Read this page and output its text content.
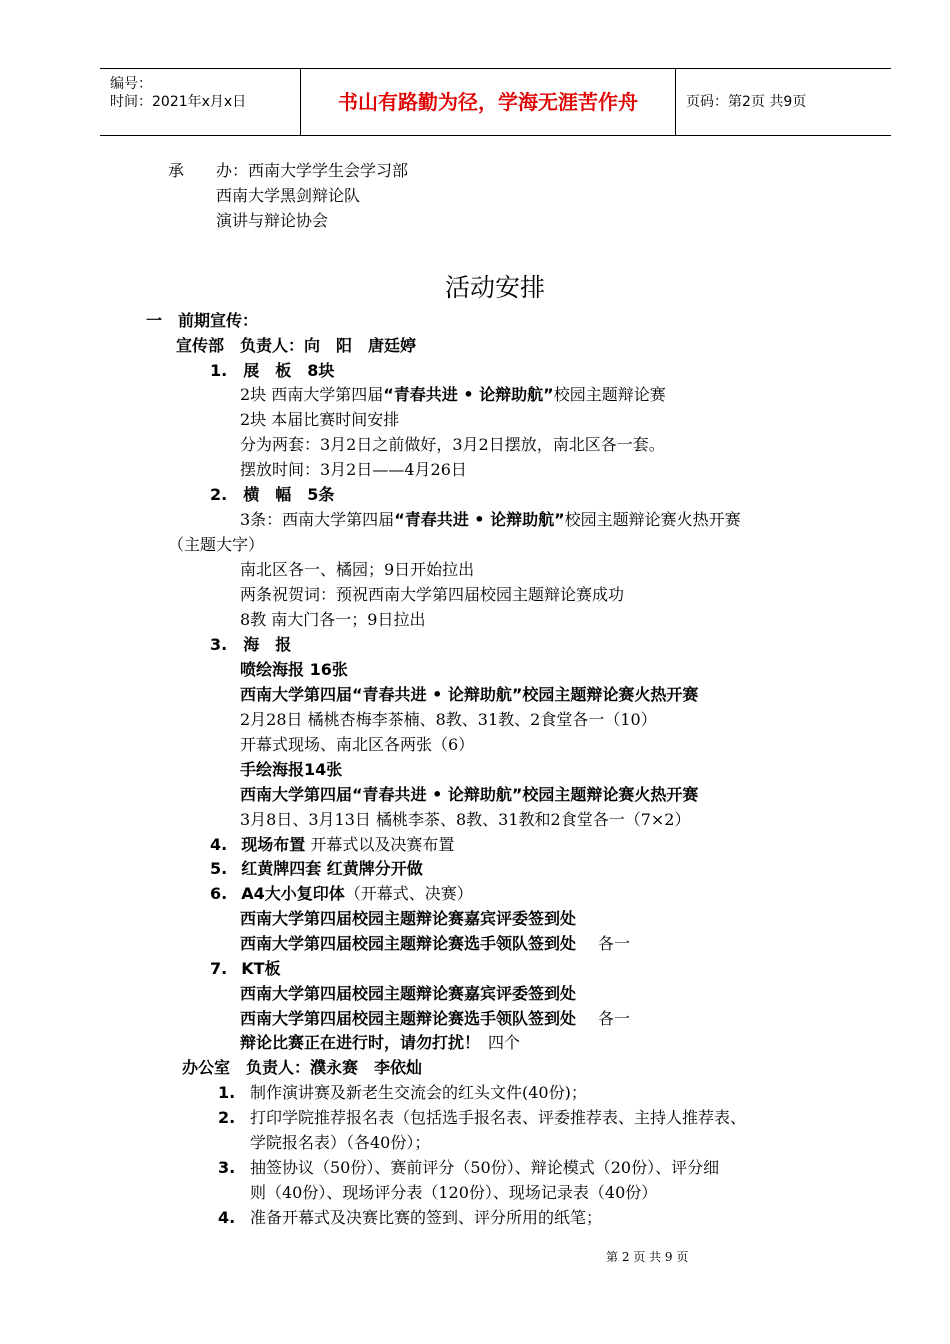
编号：
时间：2021年x月x日	书山有路勤为径，学海无涯苦作舟	页码：第2页 共9页
承　　办：西南大学学生会学习部
西南大学黑剑辩论队
演讲与辩论协会
活动安排
一　前期宣传：
宣传部　负责人：向　阳　唐廷婷
1.　展　板　8块
2块 西南大学第四届“青春共进 • 论辩助航”校园主题辩论赛
2块 本届比赛时间安排
分为两套：3月2日之前做好，3月2日摆放，南北区各一套。
摆放时间：3月2日——4月26日
2.　横　幅　5条
3条：西南大学第四届“青春共进 • 论辩助航”校园主题辩论赛火热开赛
（主题大字）
南北区各一、橘园；9日开始拉出
两条祝贺词：预祝西南大学第四届校园主题辩论赛成功
8教 南大门各一；9日拉出
3.　海　报
喷绘海报 16张
西南大学第四届“青春共进 • 论辩助航”校园主题辩论赛火热开赛
2月28日 橘桃杏梅李茶楠、8教、31教、2食堂各一（10）
开幕式现场、南北区各两张（6）
手绘海报14张
西南大学第四届“青春共进 • 论辩助航”校园主题辩论赛火热开赛
3月8日、3月13日 橘桃李茶、8教、31教和2食堂各一（7×2）
4. 现场布置 开幕式以及决赛布置
5. 红黄牌四套 红黄牌分开做
6. A4大小复印体（开幕式、决赛）
西南大学第四届校园主题辩论赛嘉宾评委签到处
西南大学第四届校园主题辩论赛选手领队签到处 各一
7. KT板
西南大学第四届校园主题辩论赛嘉宾评委签到处
西南大学第四届校园主题辩论赛选手领队签到处 各一
辩论比赛正在进行时，请勿打扰！ 四个
办公室　负责人：濮永赛　李依灿
1. 制作演讲赛及新老生交流会的红头文件(40份)；
2. 打印学院推荐报名表（包括选手报名表、评委推荐表、主持人推荐表、
学院报名表）（各40份）；
3. 抽签协议（50份）、赛前评分（50份）、辩论模式（20份）、评分细
则（40份）、现场评分表（120份）、现场记录表（40份）
4. 准备开幕式及决赛比赛的签到、评分所用的纸笔；
第 2 页 共 9 页
